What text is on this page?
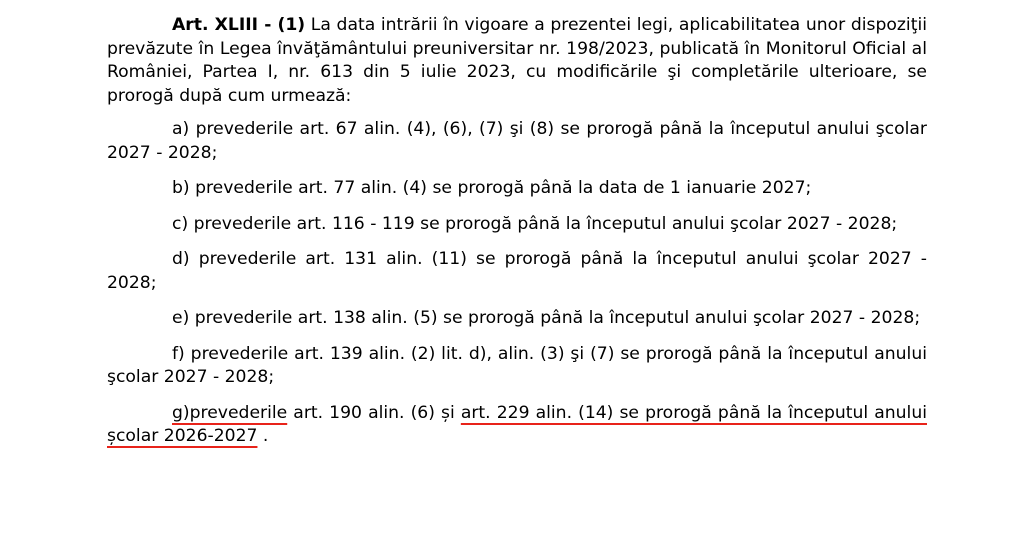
Art. XLIII - (1) La data intrării în vigoare a prezentei legi, aplicabilitatea unor dispoziţii prevăzute în Legea învăţământului preuniversitar nr. 198/2023, publicată în Monitorul Oficial al României, Partea I, nr. 613 din 5 iulie 2023, cu modificările şi completările ulterioare, se prorogă după cum urmează:

a) prevederile art. 67 alin. (4), (6), (7) şi (8) se prorogă până la începutul anului şcolar 2027 - 2028;

b) prevederile art. 77 alin. (4) se prorogă până la data de 1 ianuarie 2027;

c) prevederile art. 116 - 119 se prorogă până la începutul anului şcolar 2027 - 2028;

d) prevederile art. 131 alin. (11) se prorogă până la începutul anului şcolar 2027 - 2028;

e) prevederile art. 138 alin. (5) se prorogă până la începutul anului şcolar 2027 - 2028;

f) prevederile art. 139 alin. (2) lit. d), alin. (3) şi (7) se prorogă până la începutul anului şcolar 2027 - 2028;

g)prevederile art. 190 alin. (6) și art. 229 alin. (14) se prorogă până la începutul anului școlar 2026-2027 .
